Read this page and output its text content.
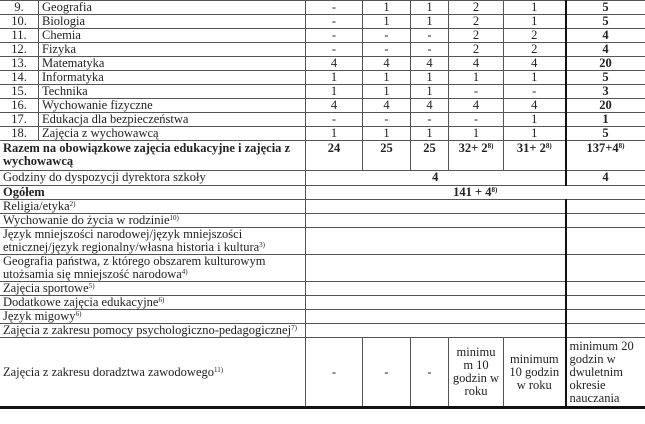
9.	Geografia	-	1	1	2	1	5
10.	Biologia	-	1	1	2	1	5
11.	Chemia	-	-	-	2	2	4
12.	Fizyka	-	-	-	2	2	4
13.	Matematyka	4	4	4	4	4	20
14.	Informatyka	1	1	1	1	1	5
15.	Technika	1	1	1	-	-	3
16.	Wychowanie fizyczne	4	4	4	4	4	20
17.	Edukacja dla bezpieczeństwa	-	-	-	-	1	1
18.	Zajęcia z wychowawcą	1	1	1	1	1	5
Razem na obowiązkowe zajęcia edukacyjne i zajęcia z wychowawcą		24	25	25	$32+ 2^{8)}$	$31+ 2^{8)}$	$137+4^{8)}$
Godziny do dyspozycji dyrektora szkoły		4					4
Ogółem		$141 + 4^{8)}$
Religia/etyka$^{2)}$		
Wychowanie do życia w rodzinie$^{10)}$		
Język mniejszości narodowej/język mniejszości etnicznej/język regionalny/własna historia i kultura$^{3)}$		
Geografia państwa, z którego obszarem kulturowym utożsamia się mniejszość narodowa$^{4)}$		
Zajęcia sportowe$^{5)}$		
Dodatkowe zajęcia edukacyjne$^{6)}$		
Język migowy$^{6)}$		
Zajęcia z zakresu pomocy psychologiczno-pedagogicznej$^{7)}$		
Zajęcia z zakresu doradztwa zawodowego$^{11)}$		-	-	-	minimu m 10 godzin w roku	minimum 10 godzin w roku	minimum 20 godzin w dwuletnim okresie nauczania
